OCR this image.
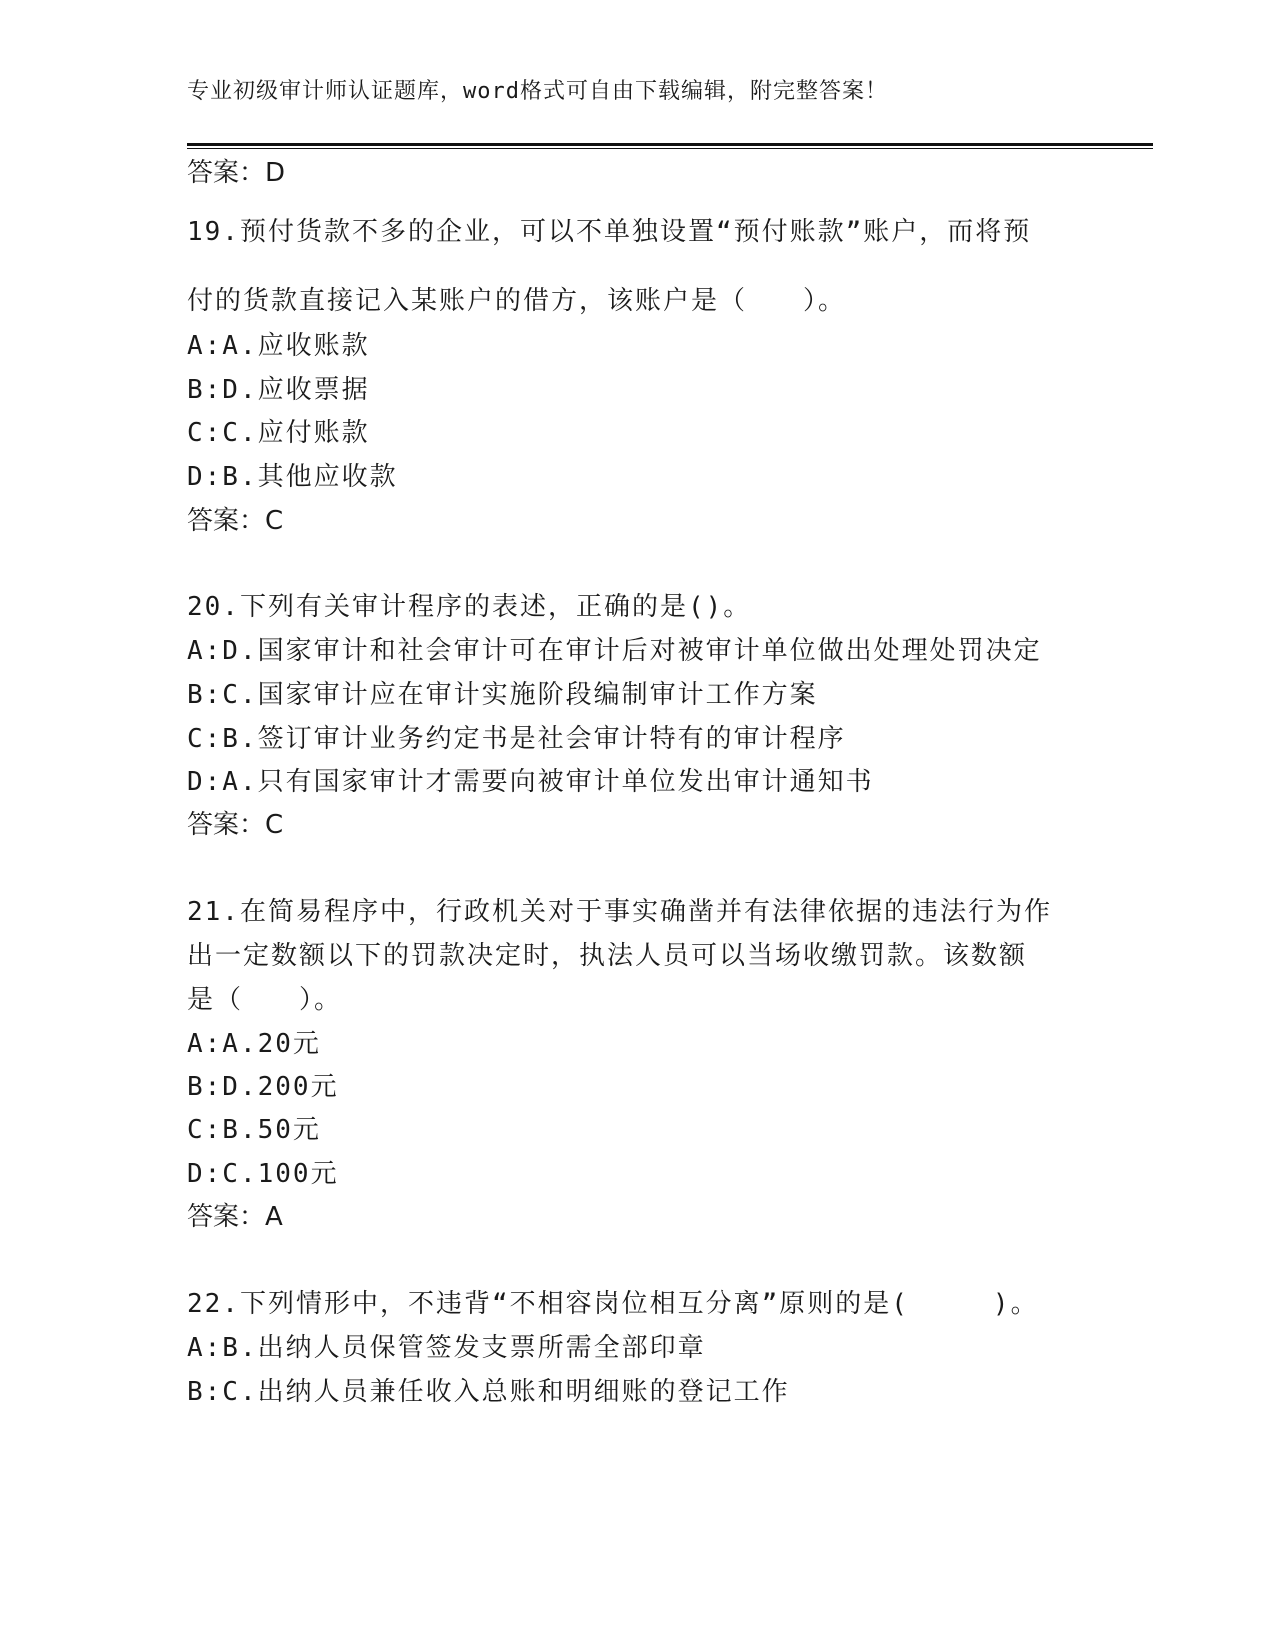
专业初级审计师认证题库，word格式可自由下载编辑，附完整答案！
答案：D
19.预付货款不多的企业，可以不单独设置“预付账款”账户，而将预
付的货款直接记入某账户的借方，该账户是（　　）。
A:A.应收账款
B:D.应收票据
C:C.应付账款
D:B.其他应收款
答案：C
20.下列有关审计程序的表述，正确的是()。
A:D.国家审计和社会审计可在审计后对被审计单位做出处理处罚决定
B:C.国家审计应在审计实施阶段编制审计工作方案
C:B.签订审计业务约定书是社会审计特有的审计程序
D:A.只有国家审计才需要向被审计单位发出审计通知书
答案：C
21.在简易程序中，行政机关对于事实确凿并有法律依据的违法行为作
出一定数额以下的罚款决定时，执法人员可以当场收缴罚款。该数额
是（　　）。
A:A.20元
B:D.200元
C:B.50元
D:C.100元
答案：A
22.下列情形中，不违背“不相容岗位相互分离”原则的是(　　　)。
A:B.出纳人员保管签发支票所需全部印章
B:C.出纳人员兼任收入总账和明细账的登记工作
